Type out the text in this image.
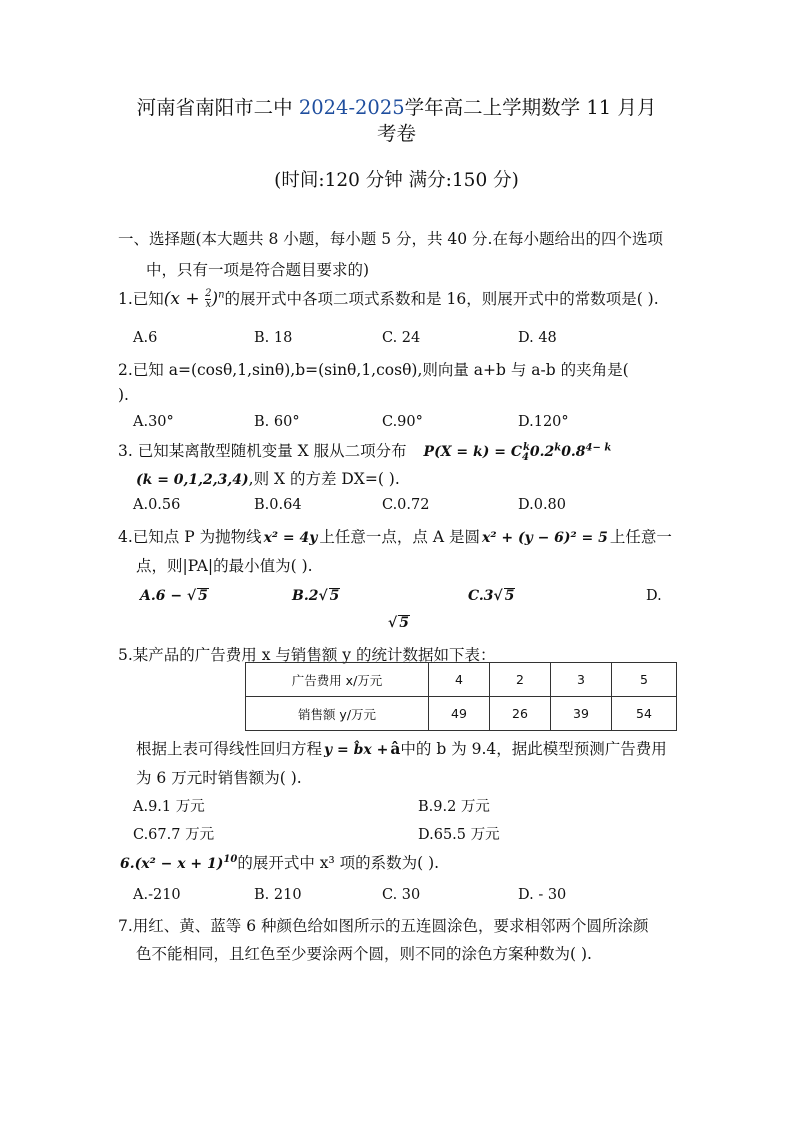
河南省南阳市二中 2024-2025学年高二上学期数学 11 月月
考卷
(时间:120 分钟 满分:150 分)
一、选择题(本大题共 8 小题，每小题 5 分，共 40 分.在每小题给出的四个选项
中，只有一项是符合题目要求的)
1.已知$(x + \frac{2}{x} )^n$的展开式中各项二项式系数和是 16，则展开式中的常数项是( ).
A.6	B. 18	C. 24	D. 48
2.已知 a=(cosθ,1,sinθ),b=(sinθ,1,cosθ),则向量 a+b 与 a-b 的夹角是(
).
A.30°	B. 60°	C.90°	D.120°
3. 已知某离散型随机变量 X 服从二项分布 $P(X = k) = C_4^k0.2^k0.8^{4- k}$
(k = 0,1,2,3,4),则 X 的方差 DX=( ).
A.0.56	B.0.64	C.0.72	D.0.80
4.已知点 P 为抛物线 x² = 4y 上任意一点，点 A 是圆 x² + (y − 6)² = 5 上任意一
点，则|PA|的最小值为( ).
A.6 − √ 5	B.2√ 5	C.3√ 5	D.
√ 5
5.某产品的广告费用 x 与销售额 y 的统计数据如下表：
广告费用 x/万元	4	2	3	5
销售额 y/万元	49	26	39	54
根据上表可得线性回归方程 y = b̂x + â中的 b 为 9.4，据此模型预测广告费用
为 6 万元时销售额为( ).
A.9.1 万元	B.9.2 万元
C.67.7 万元	D.65.5 万元
$6.(x^2 - x + 1)^{10}$的展开式中 x³ 项的系数为( ).
A.-210	B. 210	C. 30	D. - 30
7.用红、黄、蓝等 6 种颜色给如图所示的五连圆涂色，要求相邻两个圆所涂颜
色不能相同，且红色至少要涂两个圆，则不同的涂色方案种数为( ).
